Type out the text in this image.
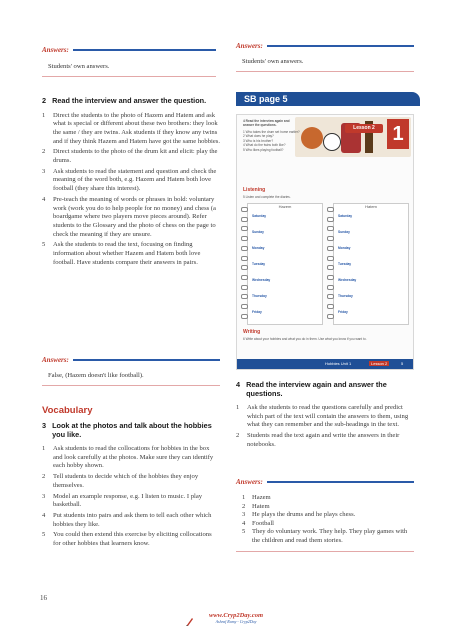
Answers:
Students' own answers.
Answers:
Students' own answers.
2 Read the interview and answer the question.
1 Direct the students to the photo of Hazem and Hatem and ask what is special or different about these two brothers: they look the same / they are twins. Ask students if they know any twins and if they think Hazem and Hatem have got the same hobbies.
2 Direct students to the photo of the drum kit and elicit: play the drums.
3 Ask students to read the statement and question and check the meaning of the word both, e.g. Hazem and Hatem both love football (they share this interest).
4 Pre-teach the meaning of words or phrases in bold: voluntary work (work you do to help people for no money) and chess (a boardgame where two players move pieces around). Refer students to the Glossary and the photo of chess on the page to check the meaning if they are unsure.
5 Ask the students to read the text, focusing on finding information about whether Hazem and Hatem both love football. Have students compare their answers in pairs.
Answers:
False, (Hazem doesn't like football).
Vocabulary
3 Look at the photos and talk about the hobbies you like.
1 Ask students to read the collocations for hobbies in the box and look carefully at the photos. Make sure they can identify each hobby shown.
2 Tell students to decide which of the hobbies they enjoy themselves.
3 Model an example response, e.g. I listen to music. I play basketball.
4 Put students into pairs and ask them to tell each other which hobbies they like.
5 You could then extend this exercise by eliciting collocations for other hobbies that learners know.
SB page 5
Lesson 2 1
4 Read the interview again and answer the questions.
1 Who takes the drum set home earlier?
2 What does he play?
3 Who is his brother?
4 What do the twins both like?
5 Who likes playing football?
Listening
5 Listen and complete the diaries.
Hazem
Saturday
Sunday
Monday
Tuesday
Wednesday
Thursday
Friday
Hatem
Saturday
Sunday
Monday
Tuesday
Wednesday
Thursday
Friday
Writing
6 Write about your hobbies and what you do in them. Use what you know if you want to.
Hobbies Unit 1	Lesson 2	5
4 Read the interview again and answer the questions.
1 Ask the students to read the questions carefully and predict which part of the text will contain the answers to them, using what they can remember and the sub-headings in the text.
2 Students read the text again and write the answers in their notebooks.
Answers:
1 Hazem
2 Hatem
3 He plays the drums and he plays chess.
4 Football
5 They do voluntary work. They help. They play games with the children and read them stories.
16
www.Cryp2Day.com
Ashraf Ramy - Cryp2Day
